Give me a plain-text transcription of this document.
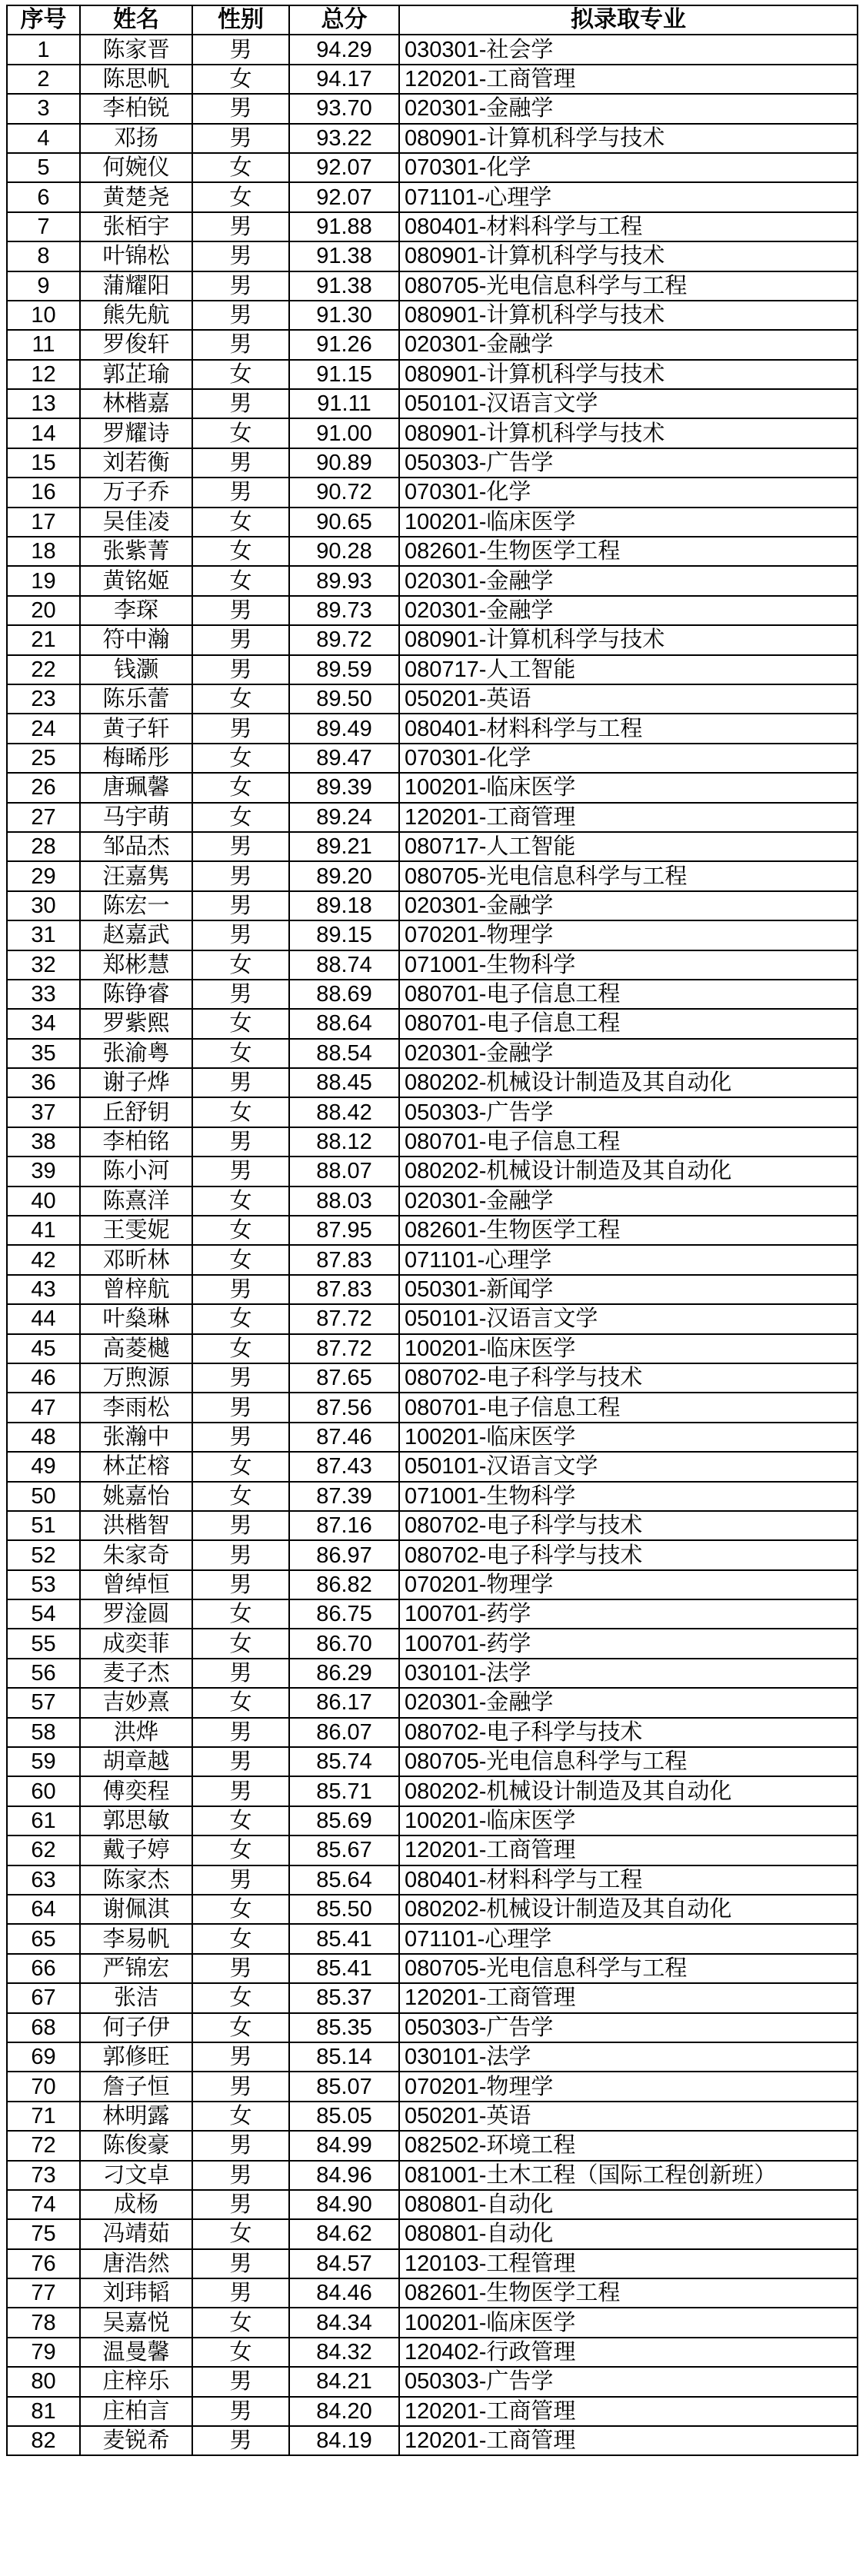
序号	姓名	性别	总分	拟录取专业
1	陈家晋	男	94.29	030301-社会学
2	陈思帆	女	94.17	120201-工商管理
3	李柏锐	男	93.70	020301-金融学
4	邓扬	男	93.22	080901-计算机科学与技术
5	何婉仪	女	92.07	070301-化学
6	黄楚尧	女	92.07	071101-心理学
7	张栢宇	男	91.88	080401-材料科学与工程
8	叶锦松	男	91.38	080901-计算机科学与技术
9	蒲耀阳	男	91.38	080705-光电信息科学与工程
10	熊先航	男	91.30	080901-计算机科学与技术
11	罗俊轩	男	91.26	020301-金融学
12	郭芷瑜	女	91.15	080901-计算机科学与技术
13	林楷嘉	男	91.11	050101-汉语言文学
14	罗耀诗	女	91.00	080901-计算机科学与技术
15	刘若衡	男	90.89	050303-广告学
16	万子乔	男	90.72	070301-化学
17	吴佳凌	女	90.65	100201-临床医学
18	张紫菁	女	90.28	082601-生物医学工程
19	黄铭姬	女	89.93	020301-金融学
20	李琛	男	89.73	020301-金融学
21	符中瀚	男	89.72	080901-计算机科学与技术
22	钱灏	男	89.59	080717-人工智能
23	陈乐蕾	女	89.50	050201-英语
24	黄子轩	男	89.49	080401-材料科学与工程
25	梅晞彤	女	89.47	070301-化学
26	唐珮馨	女	89.39	100201-临床医学
27	马宇萌	女	89.24	120201-工商管理
28	邹品杰	男	89.21	080717-人工智能
29	汪嘉隽	男	89.20	080705-光电信息科学与工程
30	陈宏一	男	89.18	020301-金融学
31	赵嘉武	男	89.15	070201-物理学
32	郑彬慧	女	88.74	071001-生物科学
33	陈铮睿	男	88.69	080701-电子信息工程
34	罗紫熙	女	88.64	080701-电子信息工程
35	张渝粤	女	88.54	020301-金融学
36	谢子烨	男	88.45	080202-机械设计制造及其自动化
37	丘舒钥	女	88.42	050303-广告学
38	李柏铭	男	88.12	080701-电子信息工程
39	陈小河	男	88.07	080202-机械设计制造及其自动化
40	陈熹洋	女	88.03	020301-金融学
41	王雯妮	女	87.95	082601-生物医学工程
42	邓昕林	女	87.83	071101-心理学
43	曾梓航	男	87.83	050301-新闻学
44	叶燊琳	女	87.72	050101-汉语言文学
45	高菱樾	女	87.72	100201-临床医学
46	万煦源	男	87.65	080702-电子科学与技术
47	李雨松	男	87.56	080701-电子信息工程
48	张瀚中	男	87.46	100201-临床医学
49	林芷榕	女	87.43	050101-汉语言文学
50	姚嘉怡	女	87.39	071001-生物科学
51	洪楷智	男	87.16	080702-电子科学与技术
52	朱家奇	男	86.97	080702-电子科学与技术
53	曾绰恒	男	86.82	070201-物理学
54	罗淦圆	女	86.75	100701-药学
55	成奕菲	女	86.70	100701-药学
56	麦子杰	男	86.29	030101-法学
57	吉妙熹	女	86.17	020301-金融学
58	洪烨	男	86.07	080702-电子科学与技术
59	胡章越	男	85.74	080705-光电信息科学与工程
60	傅奕程	男	85.71	080202-机械设计制造及其自动化
61	郭思敏	女	85.69	100201-临床医学
62	戴子婷	女	85.67	120201-工商管理
63	陈家杰	男	85.64	080401-材料科学与工程
64	谢佩淇	女	85.50	080202-机械设计制造及其自动化
65	李易帆	女	85.41	071101-心理学
66	严锦宏	男	85.41	080705-光电信息科学与工程
67	张洁	女	85.37	120201-工商管理
68	何子伊	女	85.35	050303-广告学
69	郭修旺	男	85.14	030101-法学
70	詹子恒	男	85.07	070201-物理学
71	林明露	女	85.05	050201-英语
72	陈俊豪	男	84.99	082502-环境工程
73	刁文卓	男	84.96	081001-土木工程（国际工程创新班）
74	成杨	男	84.90	080801-自动化
75	冯靖茹	女	84.62	080801-自动化
76	唐浩然	男	84.57	120103-工程管理
77	刘玮韬	男	84.46	082601-生物医学工程
78	吴嘉悦	女	84.34	100201-临床医学
79	温曼馨	女	84.32	120402-行政管理
80	庄梓乐	男	84.21	050303-广告学
81	庄柏言	男	84.20	120201-工商管理
82	麦锐希	男	84.19	120201-工商管理
